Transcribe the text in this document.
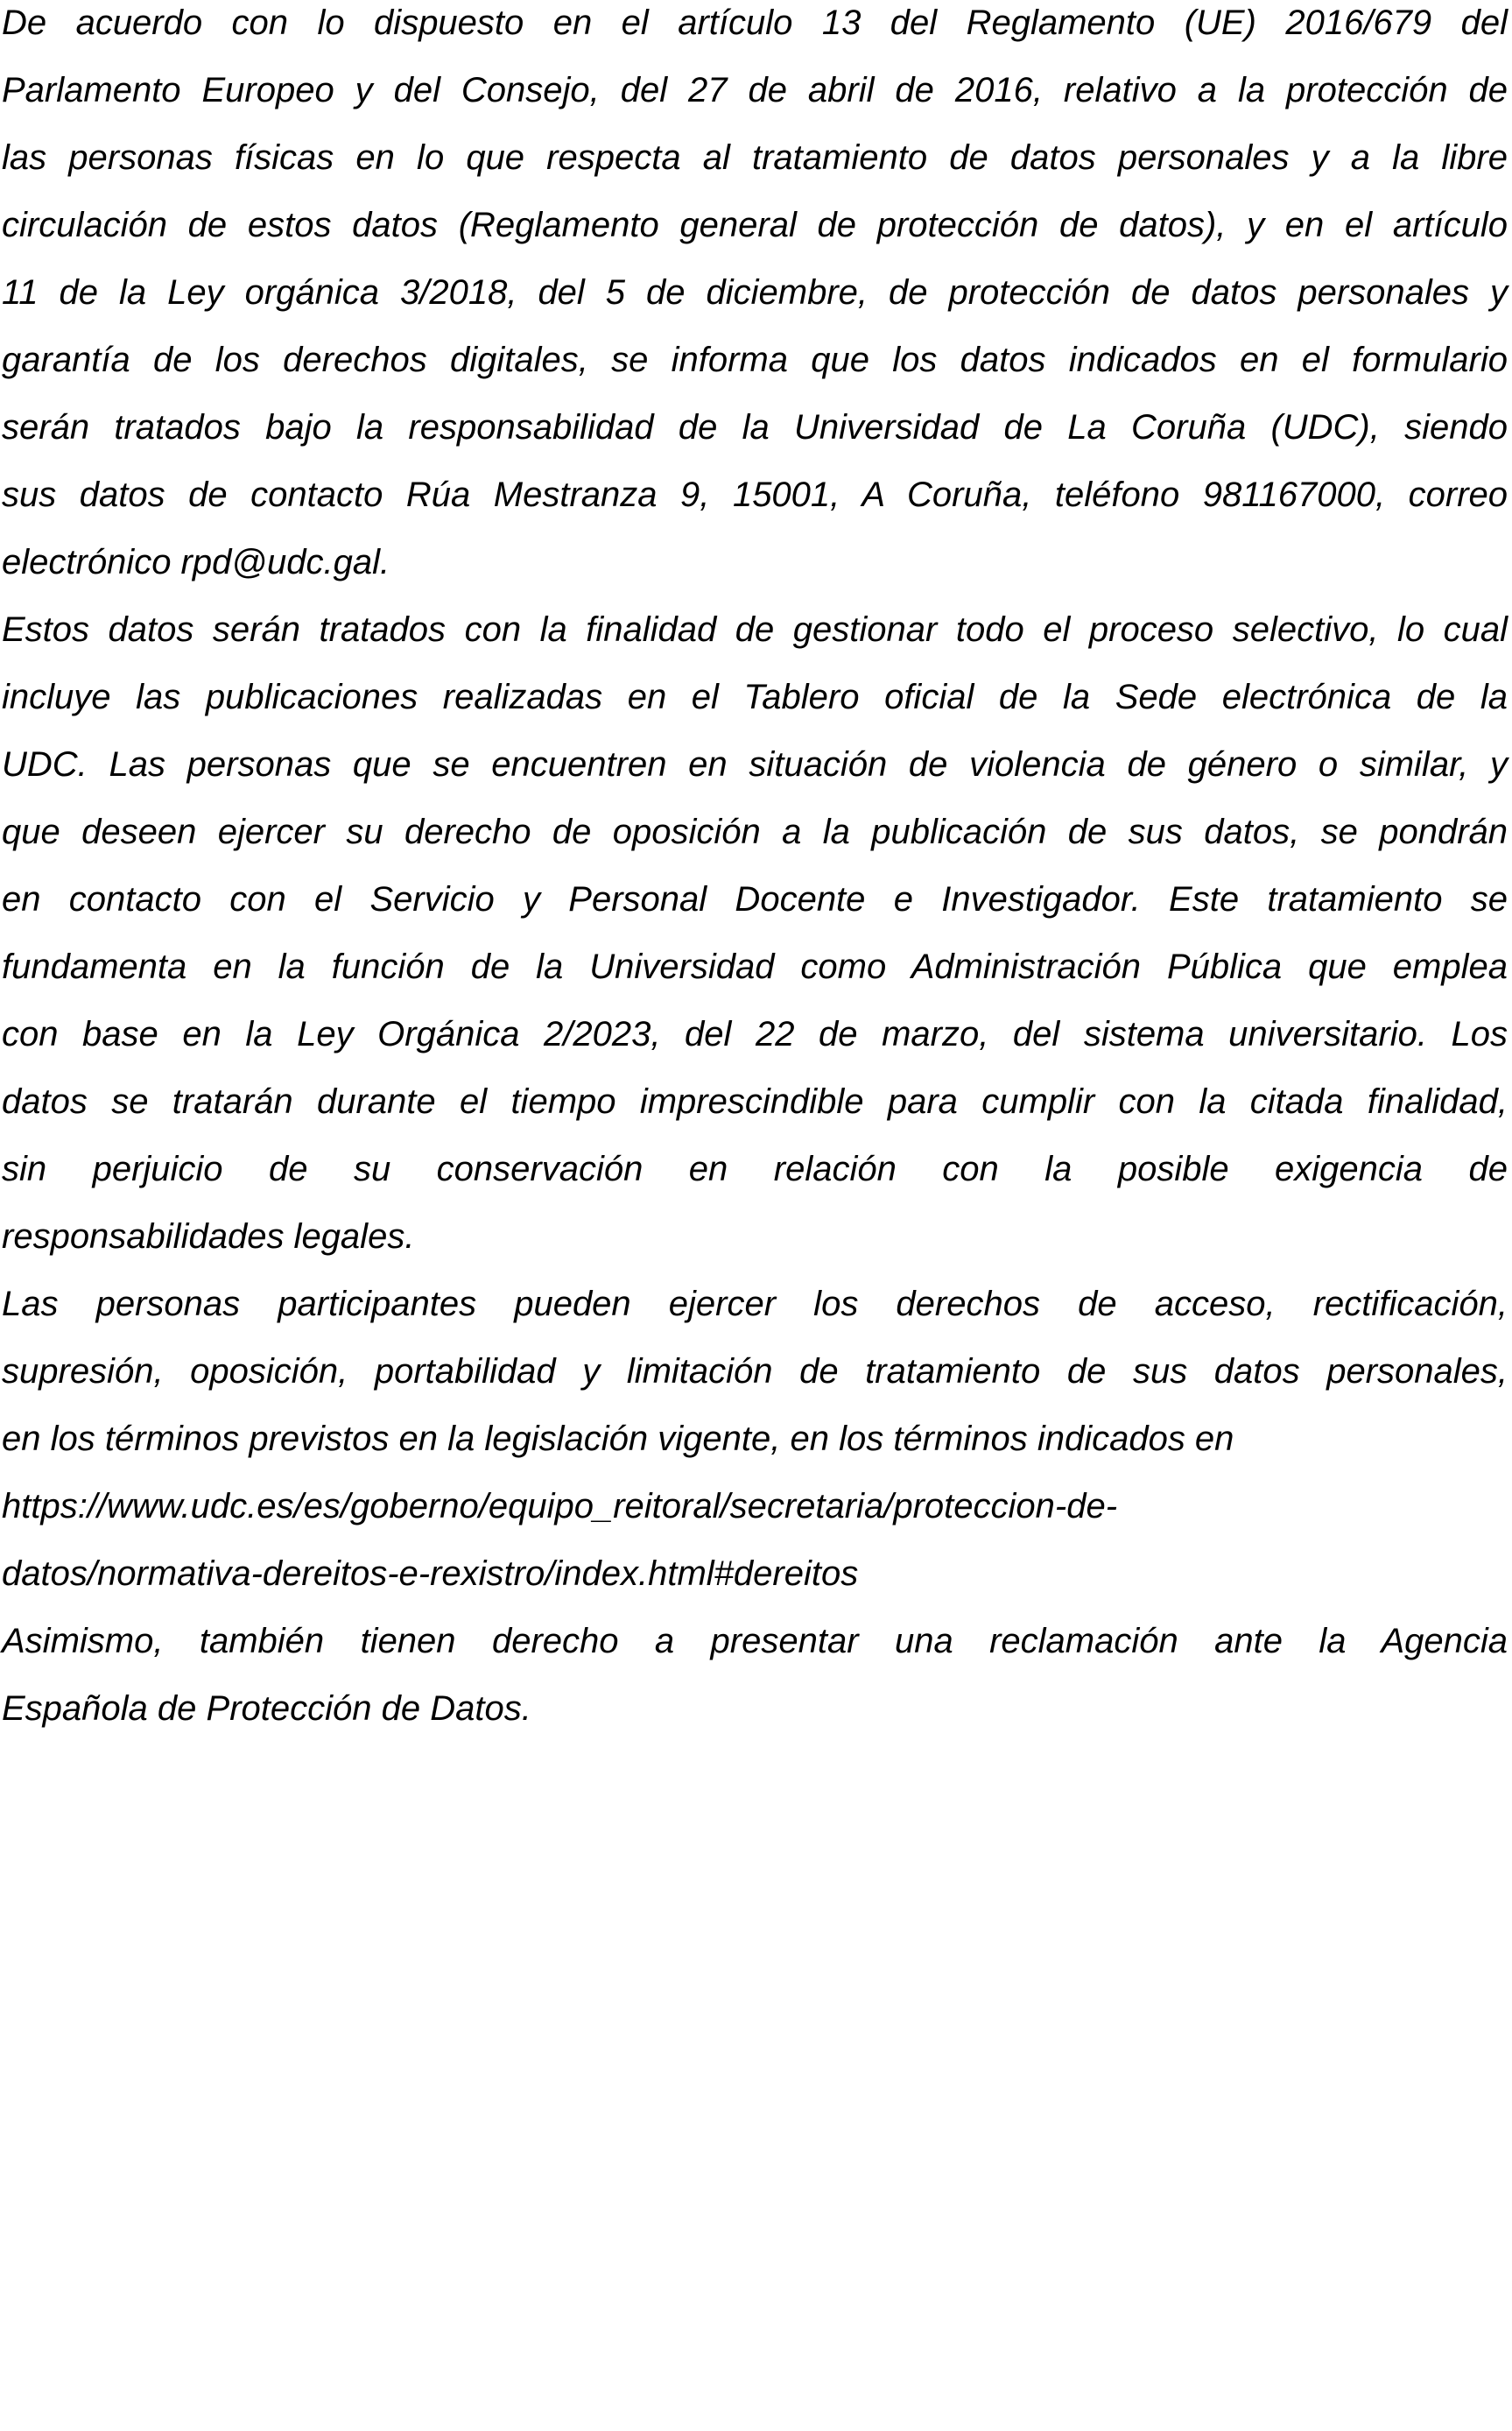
De acuerdo con lo dispuesto en el artículo 13 del Reglamento (UE) 2016/679 del
Parlamento Europeo y del Consejo, del 27 de abril de 2016, relativo a la protección de
las personas físicas en lo que respecta al tratamiento de datos personales y a la libre
circulación de estos datos (Reglamento general de protección de datos), y en el artículo
11 de la Ley orgánica 3/2018, del 5 de diciembre, de protección de datos personales y
garantía de los derechos digitales, se informa que los datos indicados en el formulario
serán tratados bajo la responsabilidad de la Universidad de La Coruña (UDC), siendo
sus datos de contacto Rúa Mestranza 9, 15001, A Coruña, teléfono 981167000, correo
electrónico rpd@udc.gal.
Estos datos serán tratados con la finalidad de gestionar todo el proceso selectivo, lo cual
incluye las publicaciones realizadas en el Tablero oficial de la Sede electrónica de la
UDC. Las personas que se encuentren en situación de violencia de género o similar, y
que deseen ejercer su derecho de oposición a la publicación de sus datos, se pondrán
en contacto con el Servicio y Personal Docente e Investigador. Este tratamiento se
fundamenta en la función de la Universidad como Administración Pública que emplea
con base en la Ley Orgánica 2/2023, del 22 de marzo, del sistema universitario. Los
datos se tratarán durante el tiempo imprescindible para cumplir con la citada finalidad,
sin perjuicio de su conservación en relación con la posible exigencia de
responsabilidades legales.
Las personas participantes pueden ejercer los derechos de acceso, rectificación,
supresión, oposición, portabilidad y limitación de tratamiento de sus datos personales,
en los términos previstos en la legislación vigente, en los términos indicados en
https://www.udc.es/es/goberno/equipo_reitoral/secretaria/proteccion-de-
datos/normativa-dereitos-e-rexistro/index.html#dereitos
Asimismo, también tienen derecho a presentar una reclamación ante la Agencia
Española de Protección de Datos.
